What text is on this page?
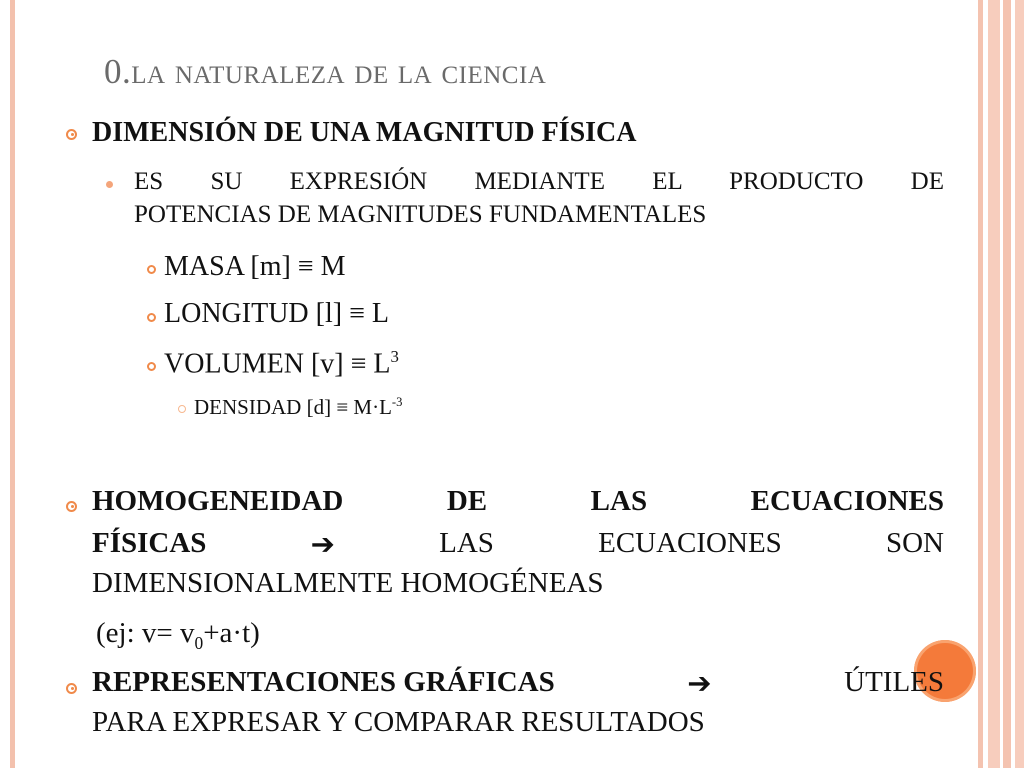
0.la naturaleza de la ciencia
DIMENSIÓN DE UNA MAGNITUD FÍSICA
ES SU EXPRESIÓN MEDIANTE EL PRODUCTO DE
POTENCIAS DE MAGNITUDES FUNDAMENTALES
MASA [m] ≡ M
LONGITUD [l] ≡ L
VOLUMEN $[v] \equiv L^3$
DENSIDAD $[d] \equiv M\cdot L^{-3}$
HOMOGENEIDAD	DE	LAS	ECUACIONES
FÍSICAS	➔	LAS	ECUACIONES	SON
DIMENSIONALMENTE HOMOGÉNEAS
(ej: $v= v_0+a\cdot t$)
REPRESENTACIONES GRÁFICAS	➔	ÚTILES
PARA EXPRESAR Y COMPARAR RESULTADOS
